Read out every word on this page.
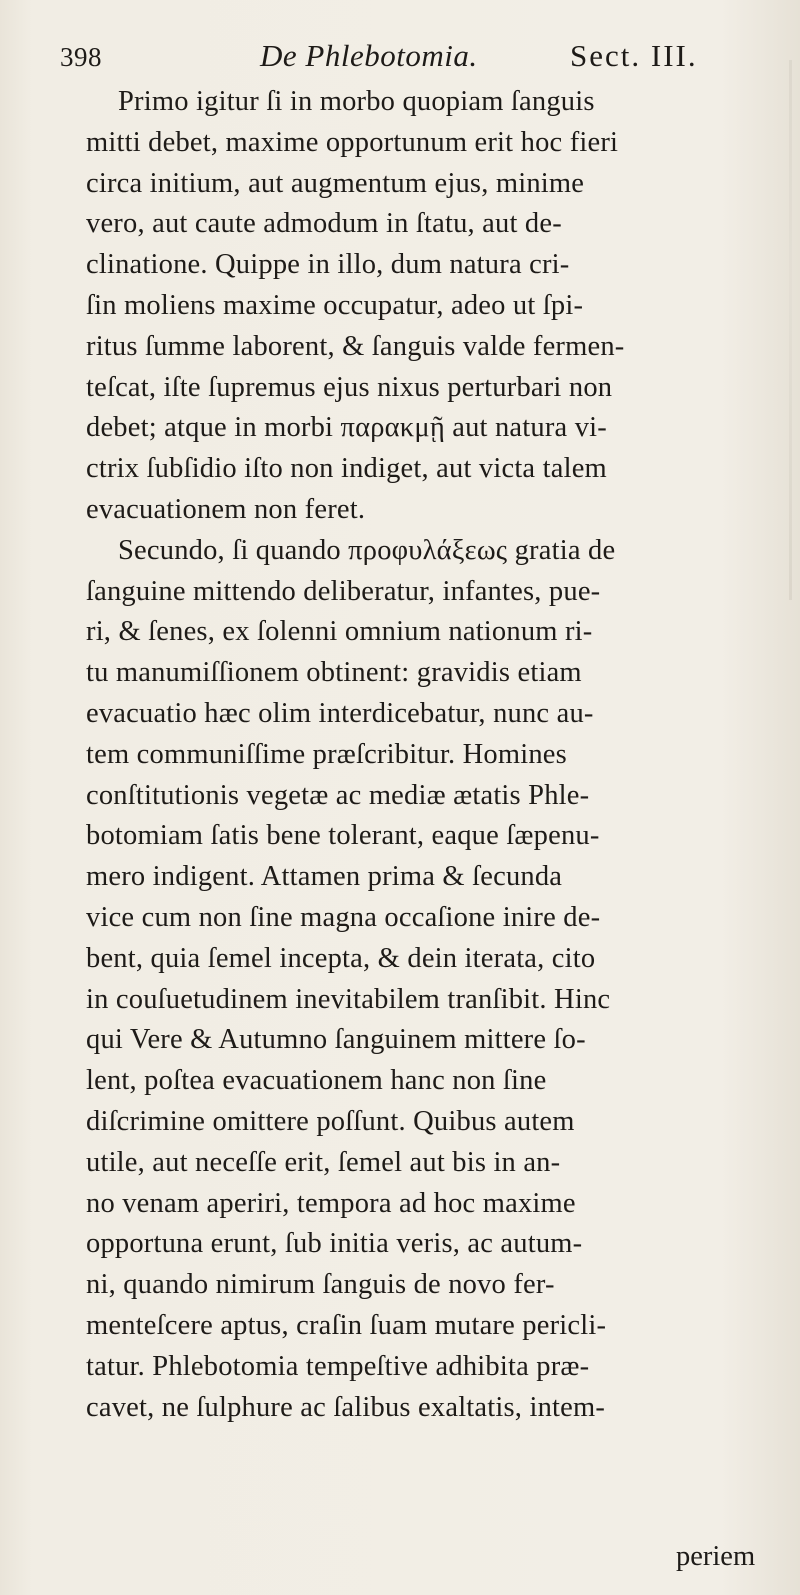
398	De Phlebotomia.	Sect. III.
Primo igitur ſi in morbo quopiam ſanguis
mitti debet, maxime opportunum erit hoc fieri
circa initium, aut augmentum ejus, minime
vero, aut caute admodum in ſtatu, aut de-
clinatione. Quippe in illo, dum natura cri-
ſin moliens maxime occupatur, adeo ut ſpi-
ritus ſumme laborent, & ſanguis valde fermen-
teſcat, iſte ſupremus ejus nixus perturbari non
debet; atque in morbi παρακμῇ aut natura vi-
ctrix ſubſidio iſto non indiget, aut victa talem
evacuationem non feret.
Secundo, ſi quando προφυλάξεως gratia de
ſanguine mittendo deliberatur, infantes, pue-
ri, & ſenes, ex ſolenni omnium nationum ri-
tu manumiſſionem obtinent: gravidis etiam
evacuatio hæc olim interdicebatur, nunc au-
tem communiſſime præſcribitur. Homines
conſtitutionis vegetæ ac mediæ ætatis Phle-
botomiam ſatis bene tolerant, eaque ſæpenu-
mero indigent. Attamen prima & ſecunda
vice cum non ſine magna occaſione inire de-
bent, quia ſemel incepta, & dein iterata, cito
in couſuetudinem inevitabilem tranſibit. Hinc
qui Vere & Autumno ſanguinem mittere ſo-
lent, poſtea evacuationem hanc non ſine
diſcrimine omittere poſſunt. Quibus autem
utile, aut neceſſe erit, ſemel aut bis in an-
no venam aperiri, tempora ad hoc maxime
opportuna erunt, ſub initia veris, ac autum-
ni, quando nimirum ſanguis de novo fer-
menteſcere aptus, craſin ſuam mutare pericli-
tatur. Phlebotomia tempeſtive adhibita præ-
cavet, ne ſulphure ac ſalibus exaltatis, intem-
periem
